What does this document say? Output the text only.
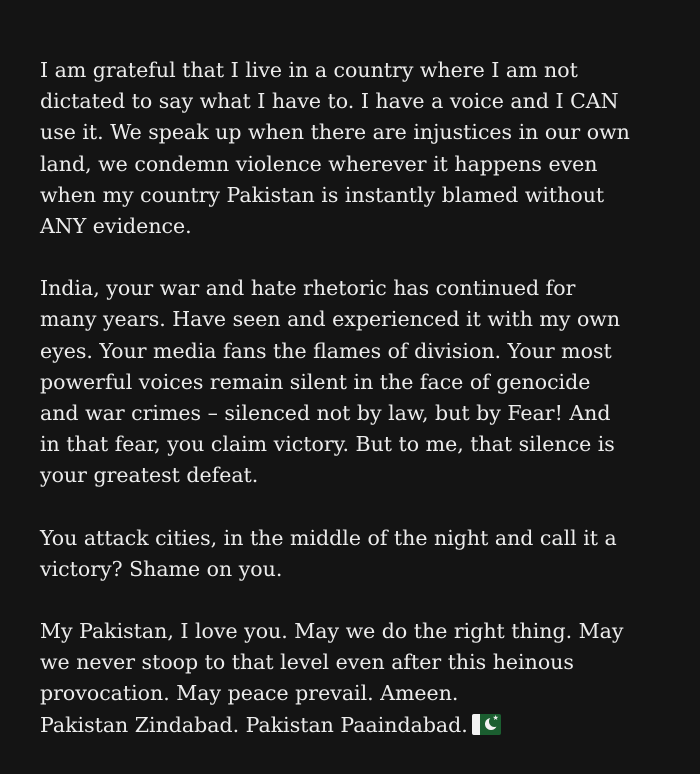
I am grateful that I live in a country where I am not
dictated to say what I have to. I have a voice and I CAN
use it. We speak up when there are injustices in our own
land, we condemn violence wherever it happens even
when my country Pakistan is instantly blamed without
ANY evidence.

India, your war and hate rhetoric has continued for
many years. Have seen and experienced it with my own
eyes. Your media fans the flames of division. Your most
powerful voices remain silent in the face of genocide
and war crimes – silenced not by law, but by Fear! And
in that fear, you claim victory. But to me, that silence is
your greatest defeat.

You attack cities, in the middle of the night and call it a
victory? Shame on you.

My Pakistan, I love you. May we do the right thing. May
we never stoop to that level even after this heinous
provocation. May peace prevail. Ameen.
Pakistan Zindabad. Pakistan Paaindabad.	★
